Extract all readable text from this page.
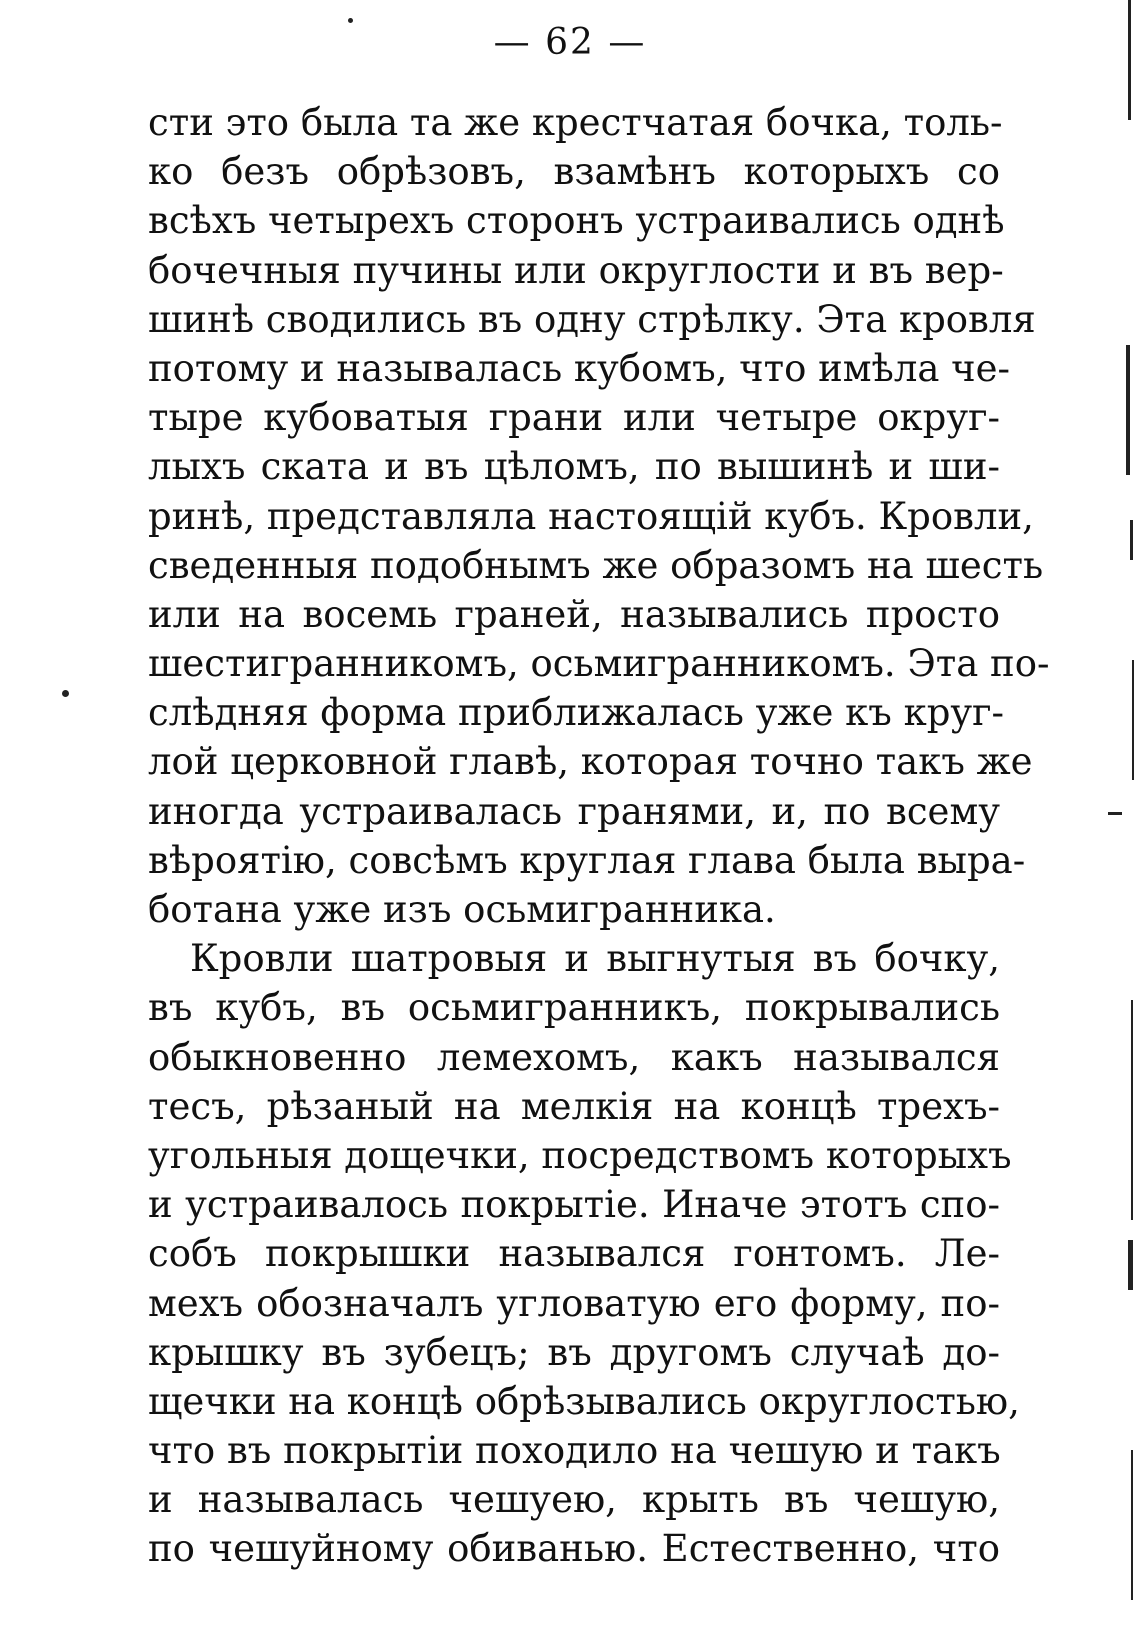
— 62 —
сти это была та же крестчатая бочка, толь-
ко безъ обрѣзовъ, взамѣнъ которыхъ со
всѣхъ четырехъ сторонъ устраивались однѣ
бочечныя пучины или округлости и въ вер-
шинѣ сводились въ одну стрѣлку. Эта кровля
потому и называлась кубомъ, что имѣла че-
тыре кубоватыя грани или четыре округ-
лыхъ ската и въ цѣломъ, по вышинѣ и ши-
ринѣ, представляла настоящій кубъ. Кровли,
сведенныя подобнымъ же образомъ на шесть
или на восемь граней, назывались просто
шестигранникомъ, осьмигранникомъ. Эта по-
слѣдняя форма приближалась уже къ круг-
лой церковной главѣ, которая точно такъ же
иногда устраивалась гранями, и, по всему
вѣроятію, совсѣмъ круглая глава была выра-
ботана уже изъ осьмигранника.
Кровли шатровыя и выгнутыя въ бочку,
въ кубъ, въ осьмигранникъ, покрывались
обыкновенно лемехомъ, какъ назывался
тесъ, рѣзаный на мелкія на концѣ трехъ-
угольныя дощечки, посредствомъ которыхъ
и устраивалось покрытіе. Иначе этотъ спо-
собъ покрышки назывался гонтомъ. Ле-
мехъ обозначалъ угловатую его форму, по-
крышку въ зубецъ; въ другомъ случаѣ до-
щечки на концѣ обрѣзывались округлостью,
что въ покрытіи походило на чешую и такъ
и называлась чешуею, крыть въ чешую,
по чешуйному обиванью. Естественно, что
